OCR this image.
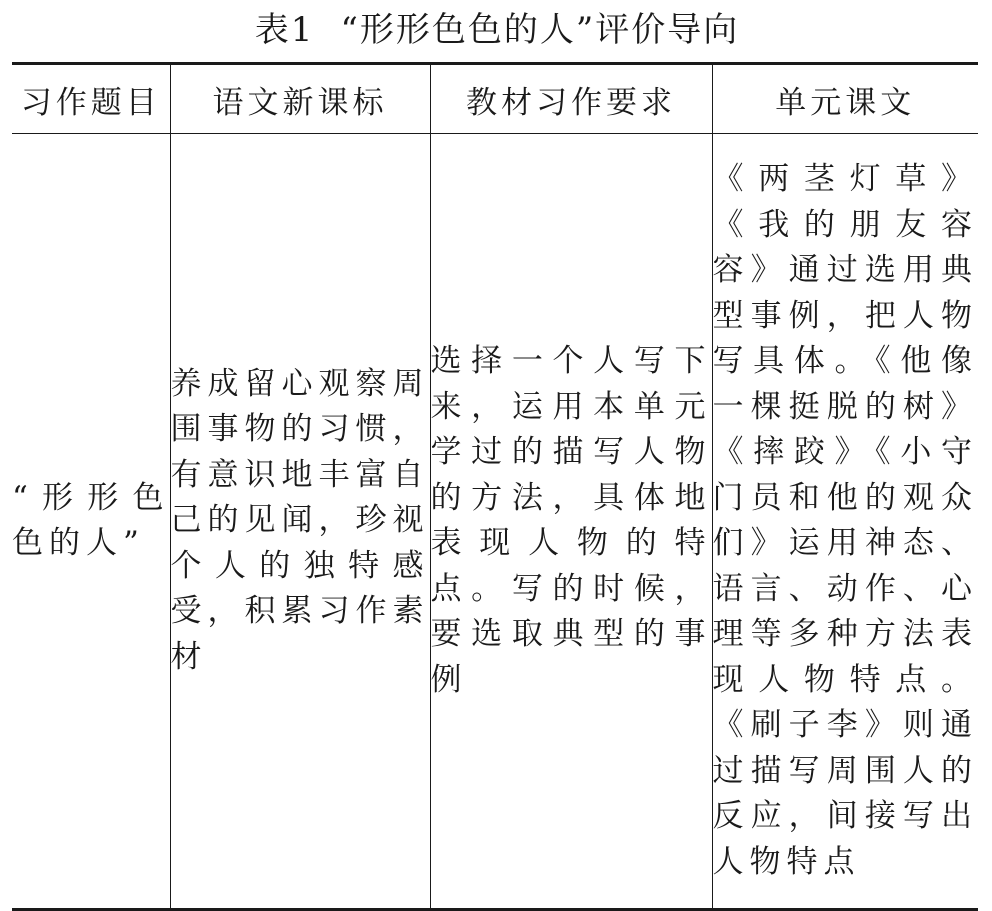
表1 “形形色色的人”评价导向
习作题目	语文新课标	教材习作要求	单元课文

“形形色色的人”	养成留心观察周围事物的习惯，有意识地丰富自己的见闻，珍视个人的独特感受，积累习作素材	选择一个人写下来，运用本单元学过的描写人物的方法，具体地表现人物的特点。写的时候，要选取典型的事例	《两茎灯草》《我的朋友容容》通过选用典型事例，把人物写具体。《他像一棵挺脱的树》《摔跤》《小守门员和他的观众们》运用神态、语言、动作、心理等多种方法表现人物特点。《刷子李》则通过描写周围人的反应，间接写出人物特点
